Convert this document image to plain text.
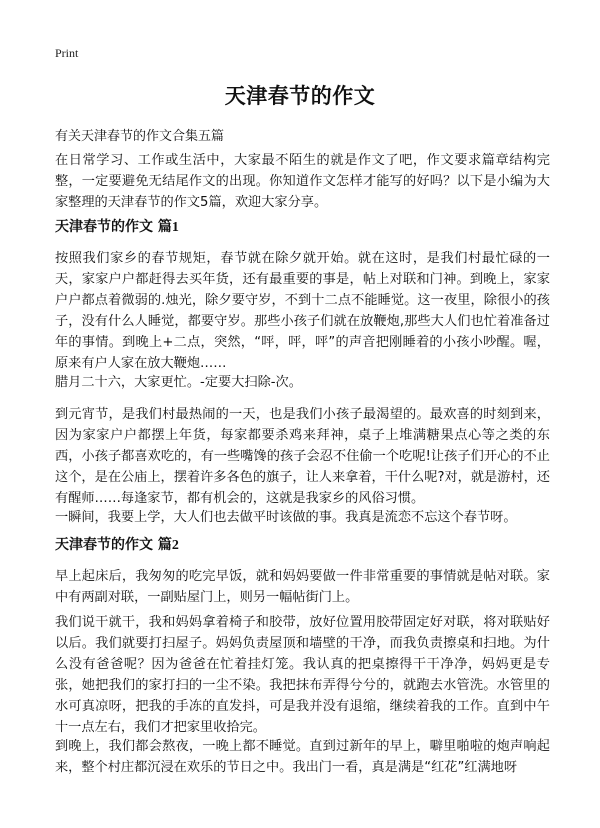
Print
天津春节的作文
有关天津春节的作文合集五篇

在日常学习、工作或生活中，大家最不陌生的就是作文了吧，作文要求篇章结构完整，一定要避免无结尾作文的出现。你知道作文怎样才能写的好吗？以下是小编为大家整理的天津春节的作文5篇，欢迎大家分享。

天津春节的作文 篇1

按照我们家乡的春节规矩，春节就在除夕就开始。就在这时，是我们村最忙碌的一天，家家户户都赶得去买年货，还有最重要的事是，帖上对联和门神。到晚上，家家户户都点着微弱的.烛光，除夕要守岁，不到十二点不能睡觉。这一夜里，除很小的孩子，没有什么人睡觉，都要守岁。那些小孩子们就在放鞭炮,那些大人们也忙着准备过年的事情。到晚上+二点，突然，“呯，呯，呯”的声音把刚睡着的小孩小吵醒。喔，原来有户人家在放大鞭炮……

腊月二十六，大家更忙。-定要大扫除-次。

到元宵节，是我们村最热闹的一天，也是我们小孩子最渴望的。最欢喜的时刻到来，因为家家户户都摆上年货，每家都要杀鸡来拜神，桌子上堆满糖果点心等之类的东西，小孩子都喜欢吃的，有一些嘴馋的孩子会忍不住偷一个吃呢!让孩子们开心的不止这个，是在公庙上，摆着许多各色的旗子，让人来拿着，干什么呢?对，就是游村，还有醒师……每逢家节，都有机会的，这就是我家乡的风俗习惯。

一瞬间，我要上学，大人们也去做平时该做的事。我真是流恋不忘这个春节呀。

天津春节的作文 篇2

早上起床后，我匆匆的吃完早饭，就和妈妈要做一件非常重要的事情就是帖对联。家中有两副对联，一副贴屋门上，则另一幅帖街门上。

我们说干就干，我和妈妈拿着椅子和胶带，放好位置用胶带固定好对联，将对联贴好以后。我们就要打扫屋子。妈妈负责屋顶和墙壁的干净，而我负责擦桌和扫地。为什么没有爸爸呢？因为爸爸在忙着挂灯笼。我认真的把桌擦得干干净净，妈妈更是专张，她把我们的家打扫的一尘不染。我把抹布弄得兮兮的，就跑去水管洗。水管里的水可真凉呀，把我的手冻的直发抖，可是我并没有退缩，继续着我的工作。直到中午十一点左右，我们才把家里收拾完。

到晚上，我们都会熬夜，一晚上都不睡觉。直到过新年的早上，噼里啪啦的炮声响起来，整个村庄都沉浸在欢乐的节日之中。我出门一看，真是满是“红花”红满地呀
